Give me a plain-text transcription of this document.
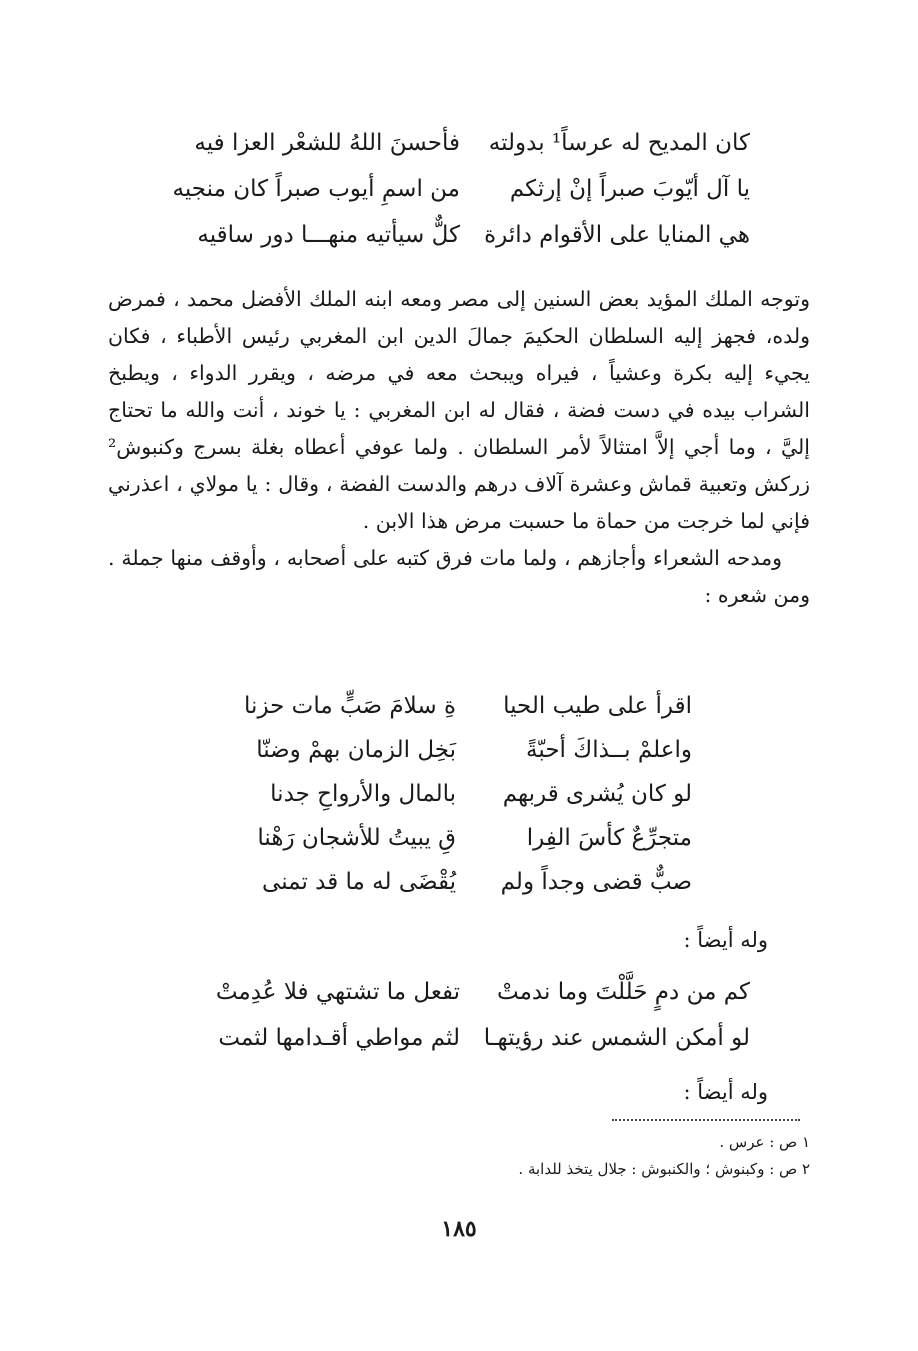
كان المديح له عرساً¹ بدولته
فأحسنَ اللهُ للشعْر العزا فيه
يا آل أيّوبَ صبراً إنْ إرثكم
من اسمِ أيوب صبراً كان منجيه
هي المنايا على الأقوام دائرة
كلٌّ سيأتيه منهـــا دور ساقيه

وتوجه الملك المؤيد بعض السنين إلى مصر ومعه ابنه الملك الأفضل محمد ، فمرض ولده، فجهز إليه السلطان الحكيمَ جمالَ الدين ابن المغربي رئيس الأطباء ، فكان يجيء إليه بكرة وعشياً ، فيراه ويبحث معه في مرضه ، ويقرر الدواء ، ويطبخ الشراب بيده في دست فضة ، فقال له ابن المغربي : يا خوند ، أنت والله ما تحتاج إليَّ ، وما أجي إلاَّ امتثالاً لأمر السلطان . ولما عوفي أعطاه بغلة بسرج وكنبوش² زركش وتعبية قماش وعشرة آلاف درهم والدست الفضة ، وقال : يا مولاي ، اعذرني فإني لما خرجت من حماة ما حسبت مرض هذا الابن .

ومدحه الشعراء وأجازهم ، ولما مات فرق كتبه على أصحابه ، وأوقف منها جملة . ومن شعره :

اقرأ على طيب الحيا
ةِ سلامَ صَبٍّ مات حزنا
واعلمْ بــذاكَ أحبّةً
بَخِل الزمان بهمْ وضنّا
لو كان يُشرى قربهم
بالمال والأرواحِ جدنا
متجرِّعٌ كأسَ الفِرا
قِ يبيتُ للأشجان رَهْنا
صبٌّ قضى وجداً ولم
يُقْضَى له ما قد تمنى
وله أيضاً :
كم من دمٍ حَلَّلْتَ وما ندمتْ
تفعل ما تشتهي فلا عُدِمتْ
لو أمكن الشمس عند رؤيتهـا
لثم مواطي أقـدامها لثمت
وله أيضاً :
١ ص : عرس .
٢ ص : وكبنوش ؛ والكنبوش : جلال يتخذ للدابة .
١٨٥
